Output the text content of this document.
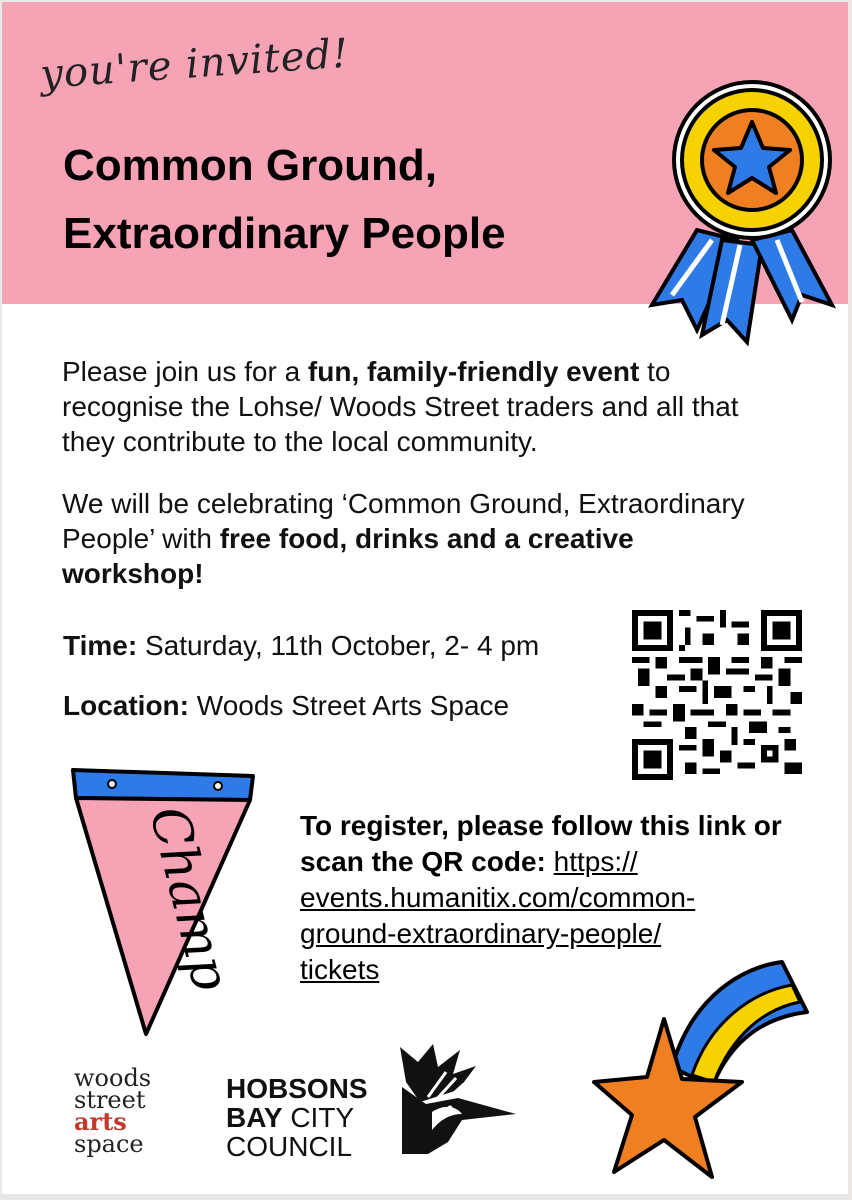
you're invited!
Common Ground,
Extraordinary People

Please join us for a fun, family-friendly event to recognise the Lohse/ Woods Street traders and all that they contribute to the local community.

We will be celebrating ‘Common Ground, Extraordinary People’ with free food, drinks and a creative workshop!

Time: Saturday, 11th October, 2- 4 pm
Location: Woods Street Arts Space
Champ To register, please follow this link or scan the QR code: https://
events.humanitix.com/common-
ground-extraordinary-people/
tickets

woods
street
arts
space
HOBSONS
BAY CITY
COUNCIL
